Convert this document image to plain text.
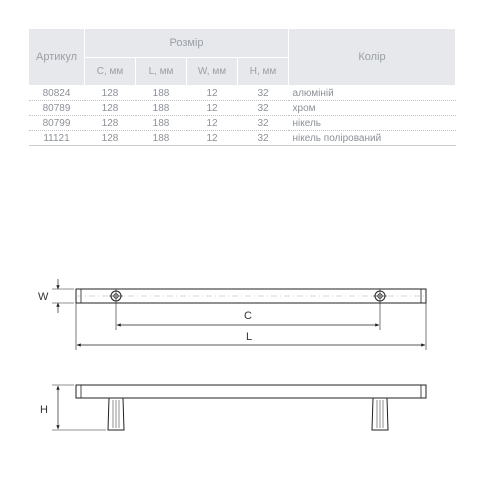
Артикул	Розмір				Колір
	C, мм	L, мм	W, мм	H, мм	
80824	128	188	12	32	алюміній
80789	128	188	12	32	хром
80799	128	188	12	32	нікель
11121	128	188	12	32	нікель полірований
W
C
L
H
